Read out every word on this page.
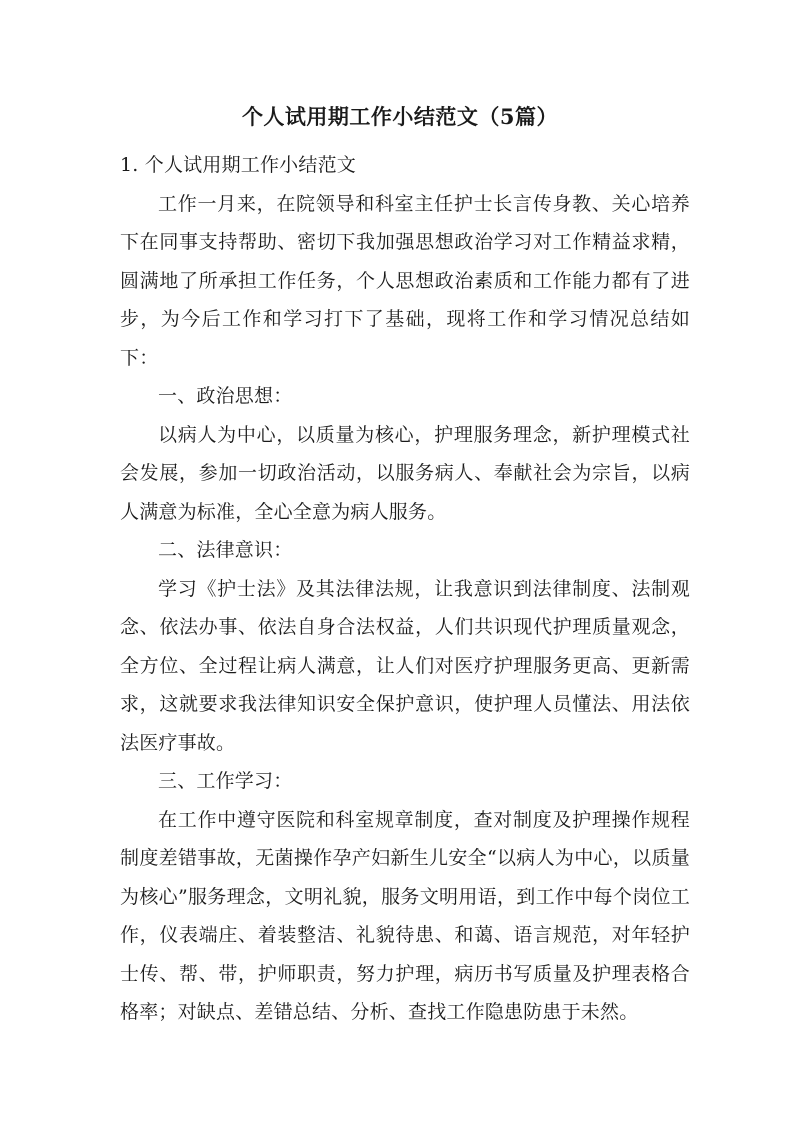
个人试用期工作小结范文（5篇）

1. 个人试用期工作小结范文

工作一月来，在院领导和科室主任护士长言传身教、关心培养下在同事支持帮助、密切下我加强思想政治学习对工作精益求精，圆满地了所承担工作任务，个人思想政治素质和工作能力都有了进步，为今后工作和学习打下了基础，现将工作和学习情况总结如下：

一、政治思想：

以病人为中心，以质量为核心，护理服务理念，新护理模式社会发展，参加一切政治活动，以服务病人、奉献社会为宗旨，以病人满意为标准，全心全意为病人服务。

二、法律意识：

学习《护士法》及其法律法规，让我意识到法律制度、法制观念、依法办事、依法自身合法权益，人们共识现代护理质量观念，全方位、全过程让病人满意，让人们对医疗护理服务更高、更新需求，这就要求我法律知识安全保护意识，使护理人员懂法、用法依法医疗事故。

三、工作学习：

在工作中遵守医院和科室规章制度，查对制度及护理操作规程制度差错事故，无菌操作孕产妇新生儿安全“以病人为中心，以质量为核心”服务理念，文明礼貌，服务文明用语，到工作中每个岗位工作，仪表端庄、着装整洁、礼貌待患、和蔼、语言规范，对年轻护士传、帮、带，护师职责，努力护理，病历书写质量及护理表格合格率；对缺点、差错总结、分析、查找工作隐患防患于未然。
